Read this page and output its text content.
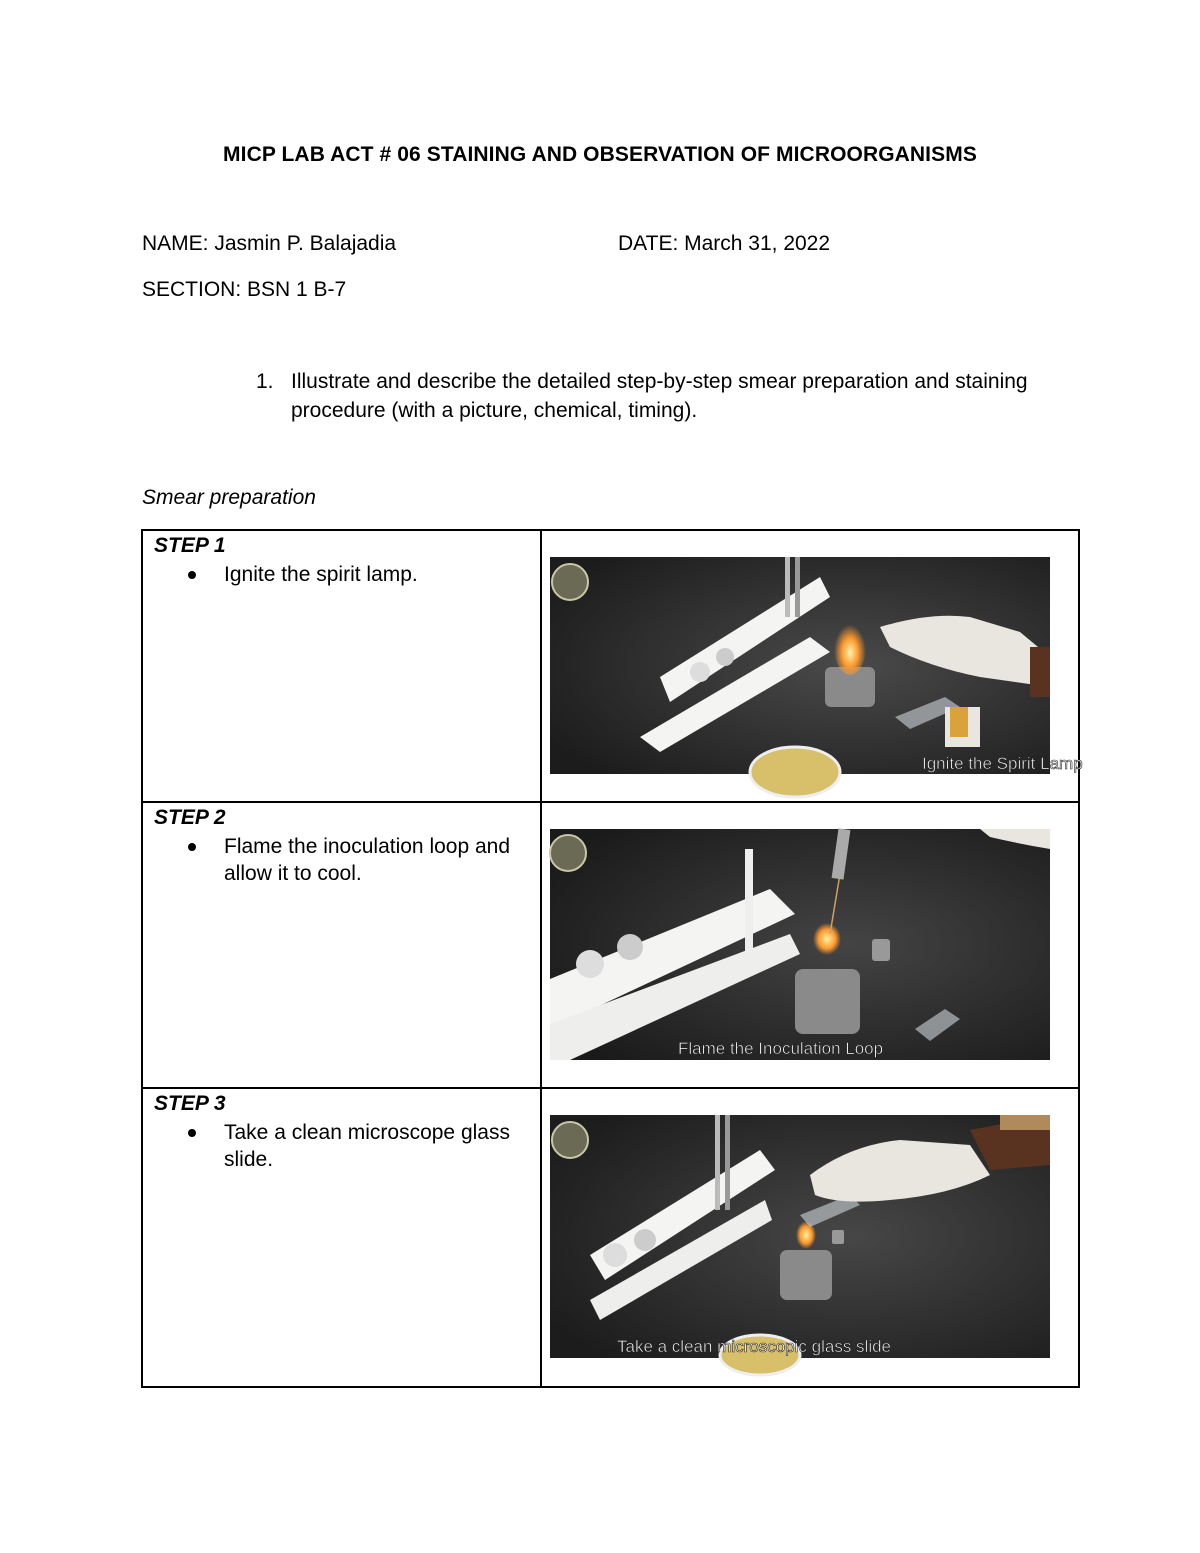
MICP LAB ACT # 06 STAINING AND OBSERVATION OF MICROORGANISMS
NAME: Jasmin P. Balajadia	DATE: March 31, 2022
SECTION: BSN 1 B-7
1. Illustrate and describe the detailed step-by-step smear preparation and staining procedure (with a picture, chemical, timing).
Smear preparation
STEP 1
Ignite the spirit lamp.	Ignite the Spirit Lamp

STEP 2
Flame the inoculation loop and allow it to cool.	Flame the Inoculation Loop

STEP 3
Take a clean microscope glass slide.	Take a clean microscopic glass slide
